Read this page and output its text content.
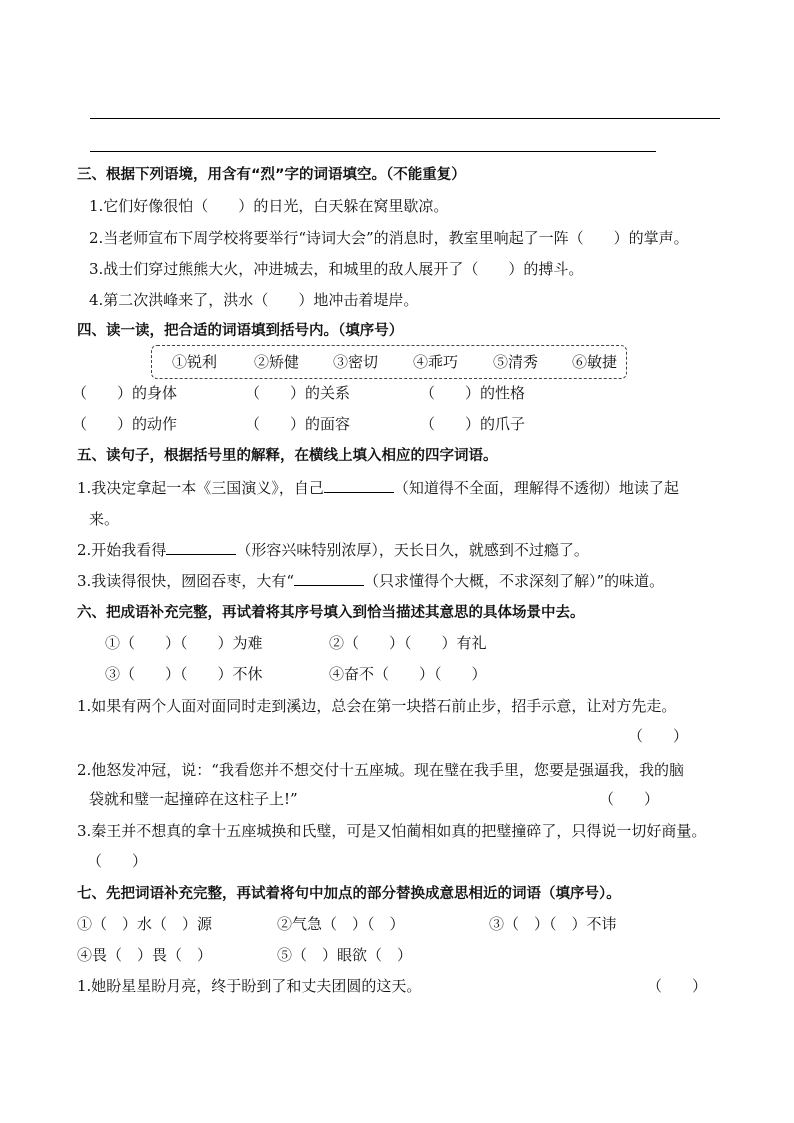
三、根据下列语境，用含有“烈”字的词语填空。（不能重复）
1.它们好像很怕（　　）的日光，白天躲在窝里歇凉。
2.当老师宣布下周学校将要举行“诗词大会”的消息时，教室里响起了一阵（　　）的掌声。
3.战士们穿过熊熊大火，冲进城去，和城里的敌人展开了（　　）的搏斗。
4.第二次洪峰来了，洪水（　　）地冲击着堤岸。
四、读一读，把合适的词语填到括号内。（填序号）
①锐利 ②矫健 ③密切 ④乖巧 ⑤清秀 ⑥敏捷
（　　）的身体	（　　）的关系	（　　）的性格
（　　）的动作	（　　）的面容	（　　）的爪子
五、读句子，根据括号里的解释，在横线上填入相应的四字词语。
1.我决定拿起一本《三国演义》，自己	（知道得不全面，理解得不透彻）地读了起
来。
2.开始我看得	（形容兴味特别浓厚），天长日久，就感到不过瘾了。
3.我读得很快，囫囵吞枣，大有“	（只求懂得个大概，不求深刻了解）”的味道。
六、把成语补充完整，再试着将其序号填入到恰当描述其意思的具体场景中去。
①（　　）（　　）为难	②（　　）（　　）有礼
③（　　）（　　）不休	④奋不（　　）（　　）
1.如果有两个人面对面同时走到溪边，总会在第一块搭石前止步，招手示意，让对方先走。
（　　）
2.他怒发冲冠，说：“我看您并不想交付十五座城。现在璧在我手里，您要是强逼我，我的脑
袋就和璧一起撞碎在这柱子上!”	（　　）
3.秦王并不想真的拿十五座城换和氏璧，可是又怕蔺相如真的把璧撞碎了，只得说一切好商量。
（　　）
七、先把词语补充完整，再试着将句中加点的部分替换成意思相近的词语（填序号）。
①（　）水（　）源	②气急（　）（　）	③（　）（　）不讳
④畏（　）畏（　）	⑤（　）眼欲（　）
1.她盼星星盼月亮，终于盼到了和丈夫团圆的这天。	（　　）
